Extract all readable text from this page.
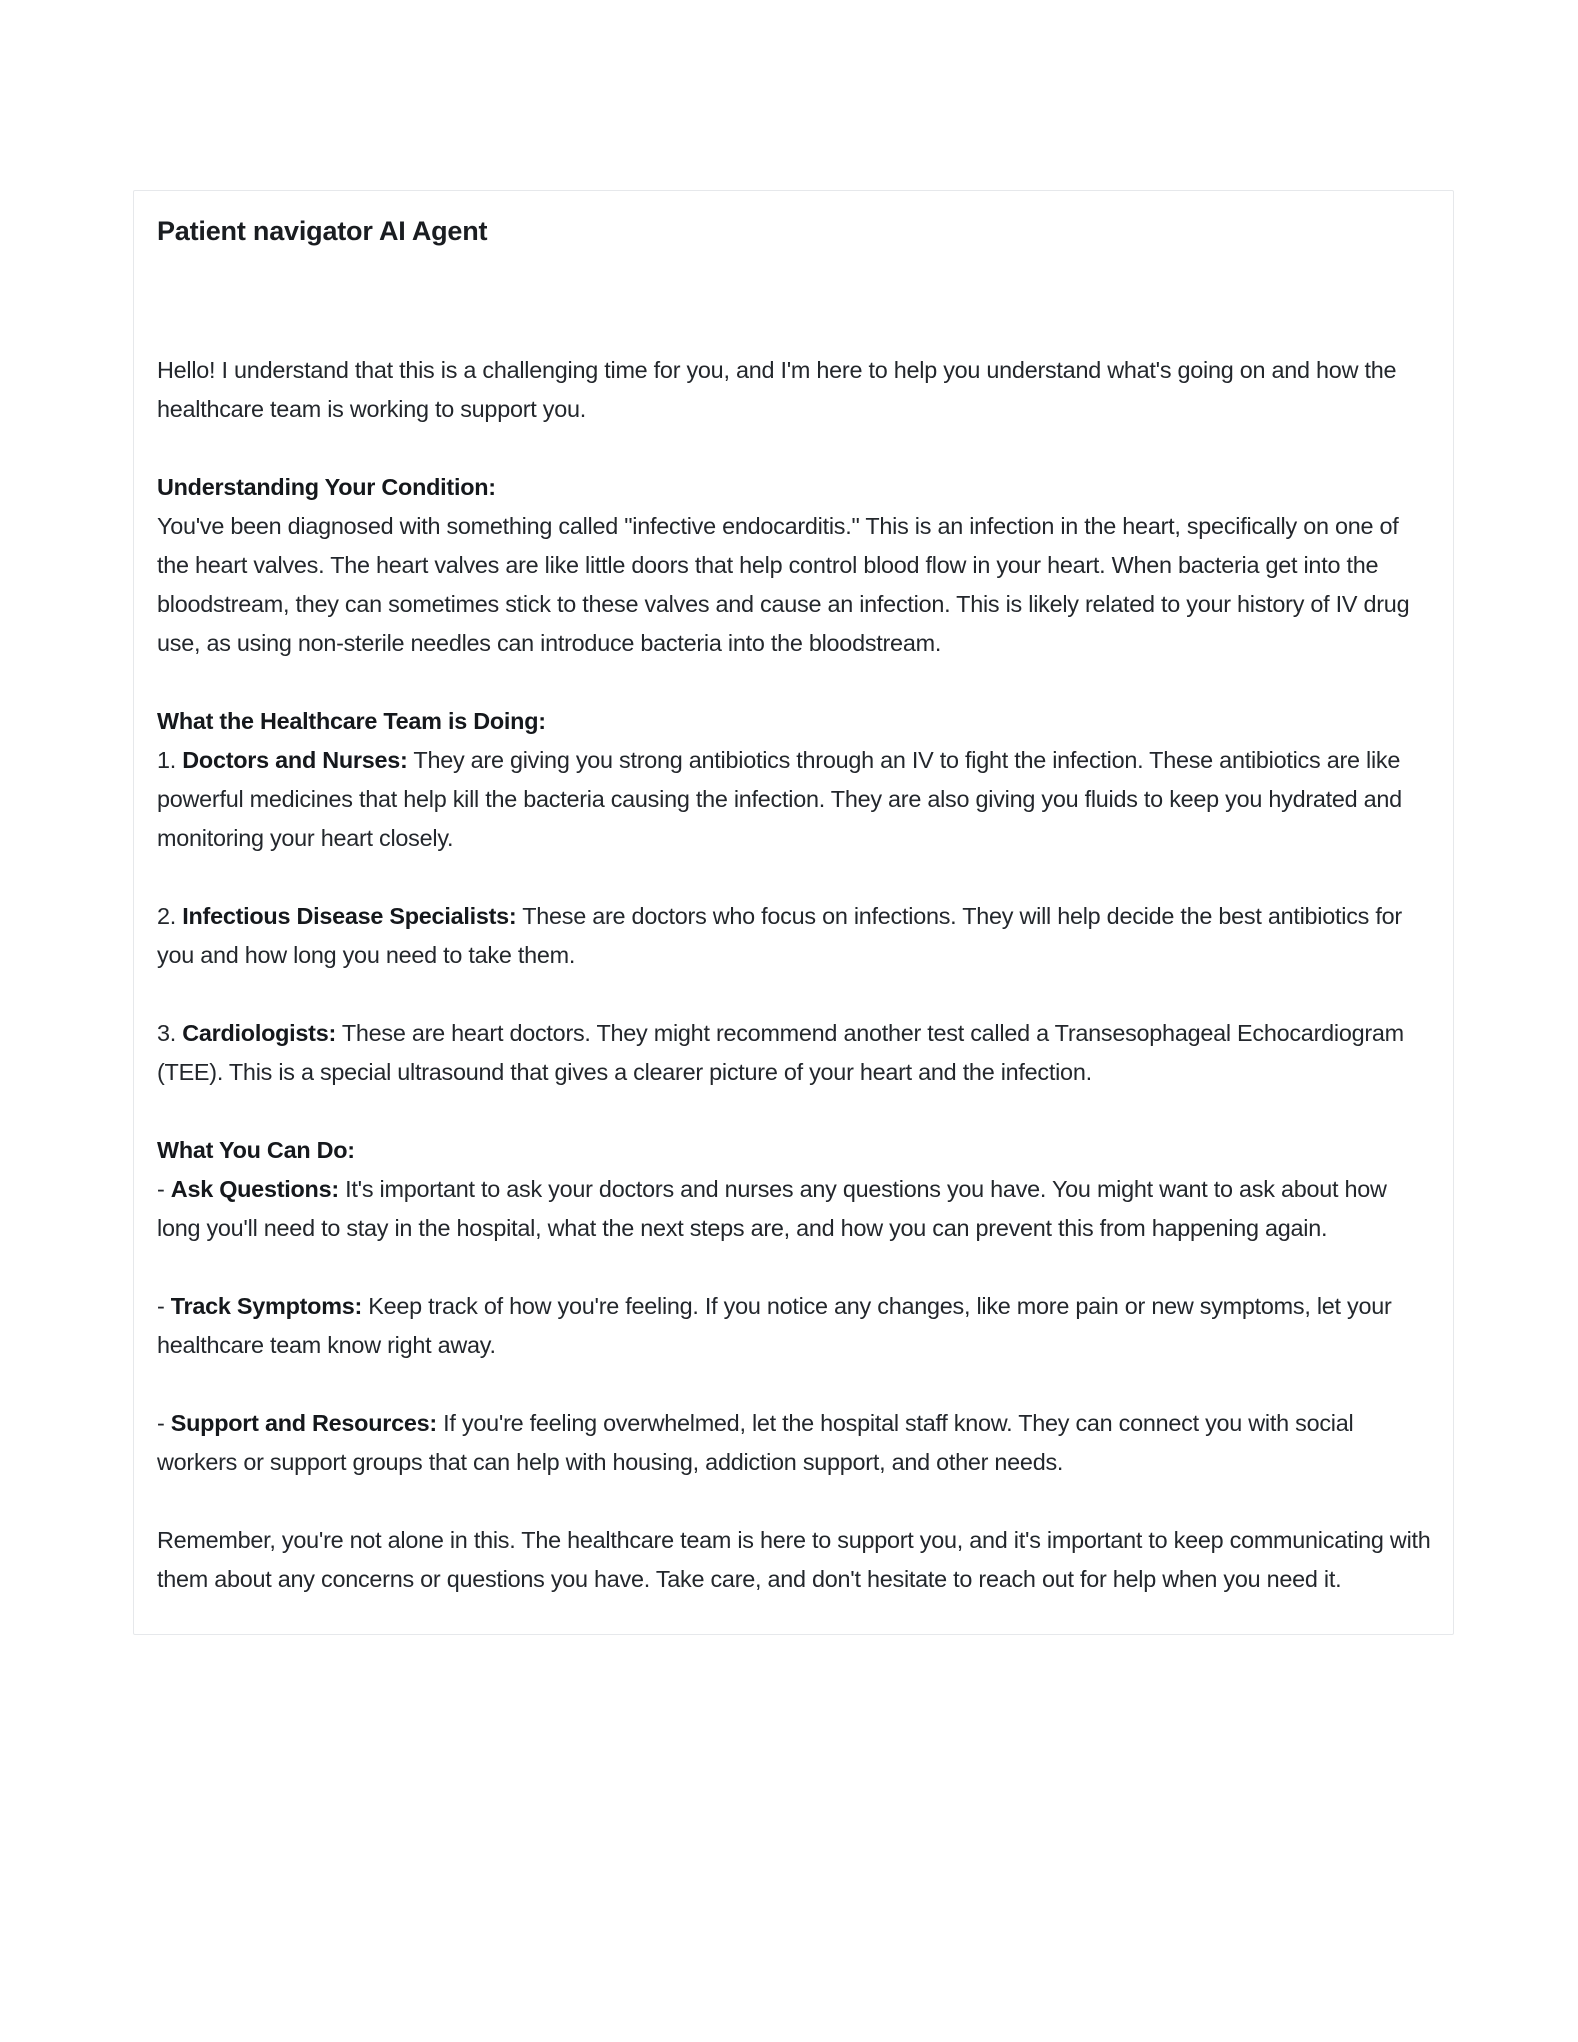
Patient navigator AI Agent

Hello! I understand that this is a challenging time for you, and I'm here to help you understand what's going on and how the healthcare team is working to support you.

Understanding Your Condition:
You've been diagnosed with something called "infective endocarditis." This is an infection in the heart, specifically on one of the heart valves. The heart valves are like little doors that help control blood flow in your heart. When bacteria get into the bloodstream, they can sometimes stick to these valves and cause an infection. This is likely related to your history of IV drug use, as using non-sterile needles can introduce bacteria into the bloodstream.

What the Healthcare Team is Doing:

1. Doctors and Nurses: They are giving you strong antibiotics through an IV to fight the infection. These antibiotics are like powerful medicines that help kill the bacteria causing the infection. They are also giving you fluids to keep you hydrated and monitoring your heart closely.

2. Infectious Disease Specialists: These are doctors who focus on infections. They will help decide the best antibiotics for you and how long you need to take them.

3. Cardiologists: These are heart doctors. They might recommend another test called a Transesophageal Echocardiogram (TEE). This is a special ultrasound that gives a clearer picture of your heart and the infection.

What You Can Do:

- Ask Questions: It's important to ask your doctors and nurses any questions you have. You might want to ask about how long you'll need to stay in the hospital, what the next steps are, and how you can prevent this from happening again.

- Track Symptoms: Keep track of how you're feeling. If you notice any changes, like more pain or new symptoms, let your healthcare team know right away.

- Support and Resources: If you're feeling overwhelmed, let the hospital staff know. They can connect you with social workers or support groups that can help with housing, addiction support, and other needs.

Remember, you're not alone in this. The healthcare team is here to support you, and it's important to keep communicating with them about any concerns or questions you have. Take care, and don't hesitate to reach out for help when you need it.
